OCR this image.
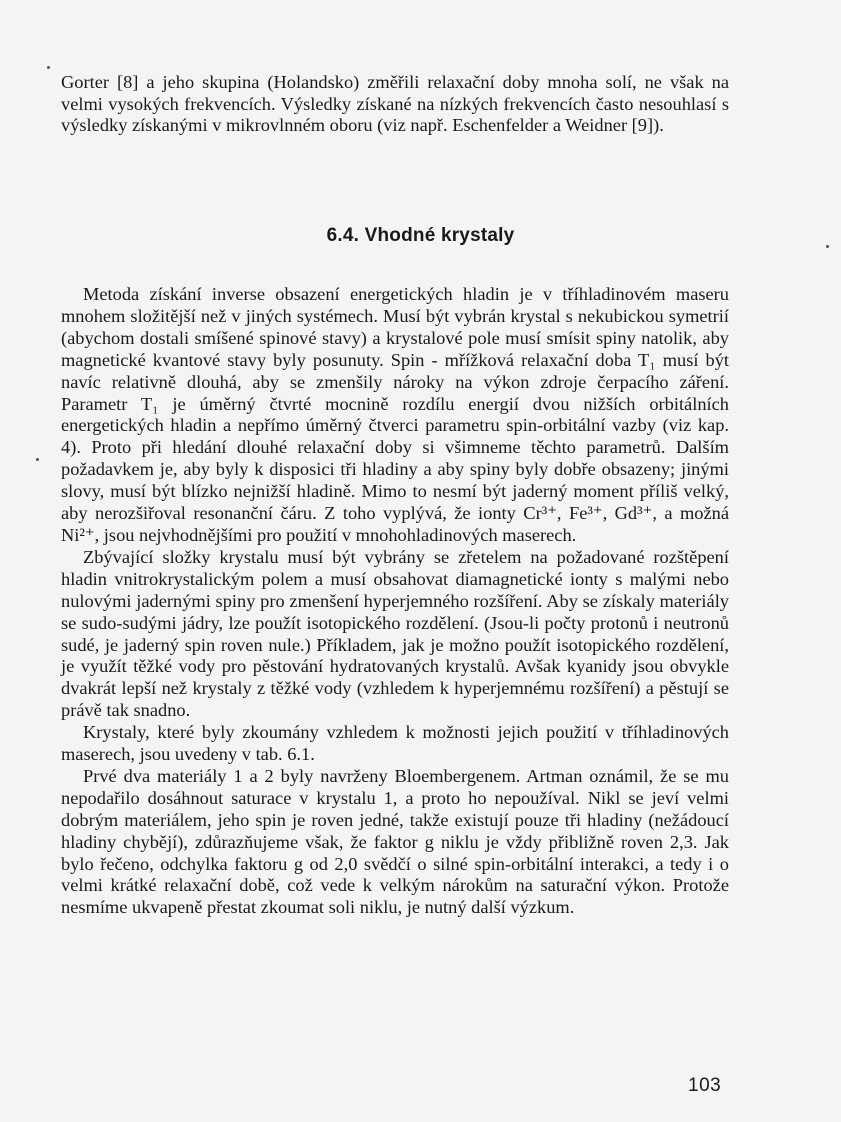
Gorter [8] a jeho skupina (Holandsko) změřili relaxační doby mnoha solí, ne však na velmi vysokých frekvencích. Výsledky získané na nízkých frekvencích často nesouhlasí s výsledky získanými v mikrovlnném oboru (viz např. Eschenfelder a Weidner [9]).

6.4. Vhodné krystaly

Metoda získání inverse obsazení energetických hladin je v tříhladinovém maseru mnohem složitější než v jiných systémech. Musí být vybrán krystal s nekubickou symetrií (abychom dostali smíšené spinové stavy) a krystalové pole musí smísit spiny natolik, aby magnetické kvantové stavy byly posunuty. Spin - mřížková relaxační doba T₁ musí být navíc relativně dlouhá, aby se zmenšily nároky na výkon zdroje čerpacího záření. Parametr T₁ je úměrný čtvrté mocnině rozdílu energií dvou nižších orbitálních energetických hladin a nepřímo úměrný čtverci parametru spin-orbitální vazby (viz kap. 4). Proto při hledání dlouhé relaxační doby si všimneme těchto parametrů. Dalším požadavkem je, aby byly k disposici tři hladiny a aby spiny byly dobře obsazeny; jinými slovy, musí být blízko nejnižší hladině. Mimo to nesmí být jaderný moment příliš velký, aby nerozšiřoval resonanční čáru. Z toho vyplývá, že ionty Cr³⁺, Fe³⁺, Gd³⁺, a možná Ni²⁺, jsou nejvhodnějšími pro použití v mnohohladinových maserech.

Zbývající složky krystalu musí být vybrány se zřetelem na požadované rozštěpení hladin vnitrokrystalickým polem a musí obsahovat diamagnetické ionty s malými nebo nulovými jadernými spiny pro zmenšení hyperjemného rozšíření. Aby se získaly materiály se sudo-sudými jádry, lze použít isotopického rozdělení. (Jsou-li počty protonů i neutronů sudé, je jaderný spin roven nule.) Příkladem, jak je možno použít isotopického rozdělení, je využít těžké vody pro pěstování hydratovaných krystalů. Avšak kyanidy jsou obvykle dvakrát lepší než krystaly z těžké vody (vzhledem k hyperjemnému rozšíření) a pěstují se právě tak snadno.

Krystaly, které byly zkoumány vzhledem k možnosti jejich použití v tříhladinových maserech, jsou uvedeny v tab. 6.1.

Prvé dva materiály 1 a 2 byly navrženy Bloembergenem. Artman oznámil, že se mu nepodařilo dosáhnout saturace v krystalu 1, a proto ho nepoužíval. Nikl se jeví velmi dobrým materiálem, jeho spin je roven jedné, takže existují pouze tři hladiny (nežádoucí hladiny chybějí), zdůrazňujeme však, že faktor g niklu je vždy přibližně roven 2,3. Jak bylo řečeno, odchylka faktoru g od 2,0 svědčí o silné spin-orbitální interakci, a tedy i o velmi krátké relaxační době, což vede k velkým nárokům na saturační výkon. Protože nesmíme ukvapeně přestat zkoumat soli niklu, je nutný další výzkum.

103
